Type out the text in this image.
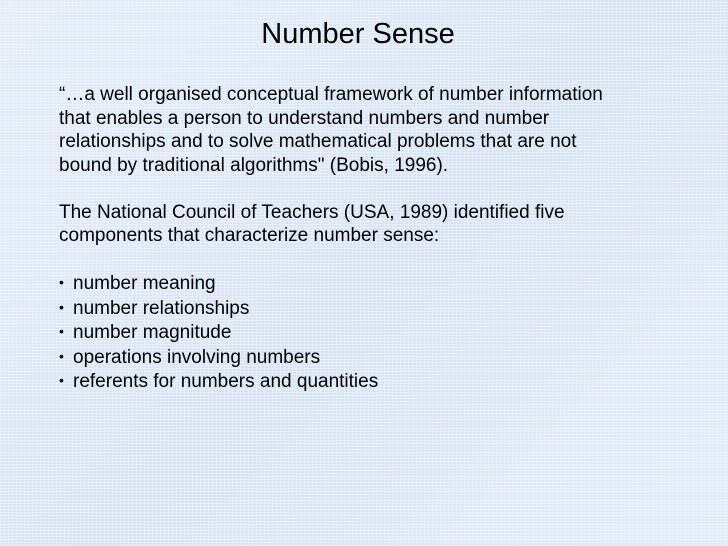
Number Sense

“…a well organised conceptual framework of number information

that enables a person to understand numbers and number

relationships and to solve mathematical problems that are not

bound by traditional algorithms" (Bobis, 1996).

The National Council of Teachers (USA, 1989) identified five

components that characterize number sense:

• number meaning
• number relationships
• number magnitude
• operations involving numbers
• referents for numbers and quantities
